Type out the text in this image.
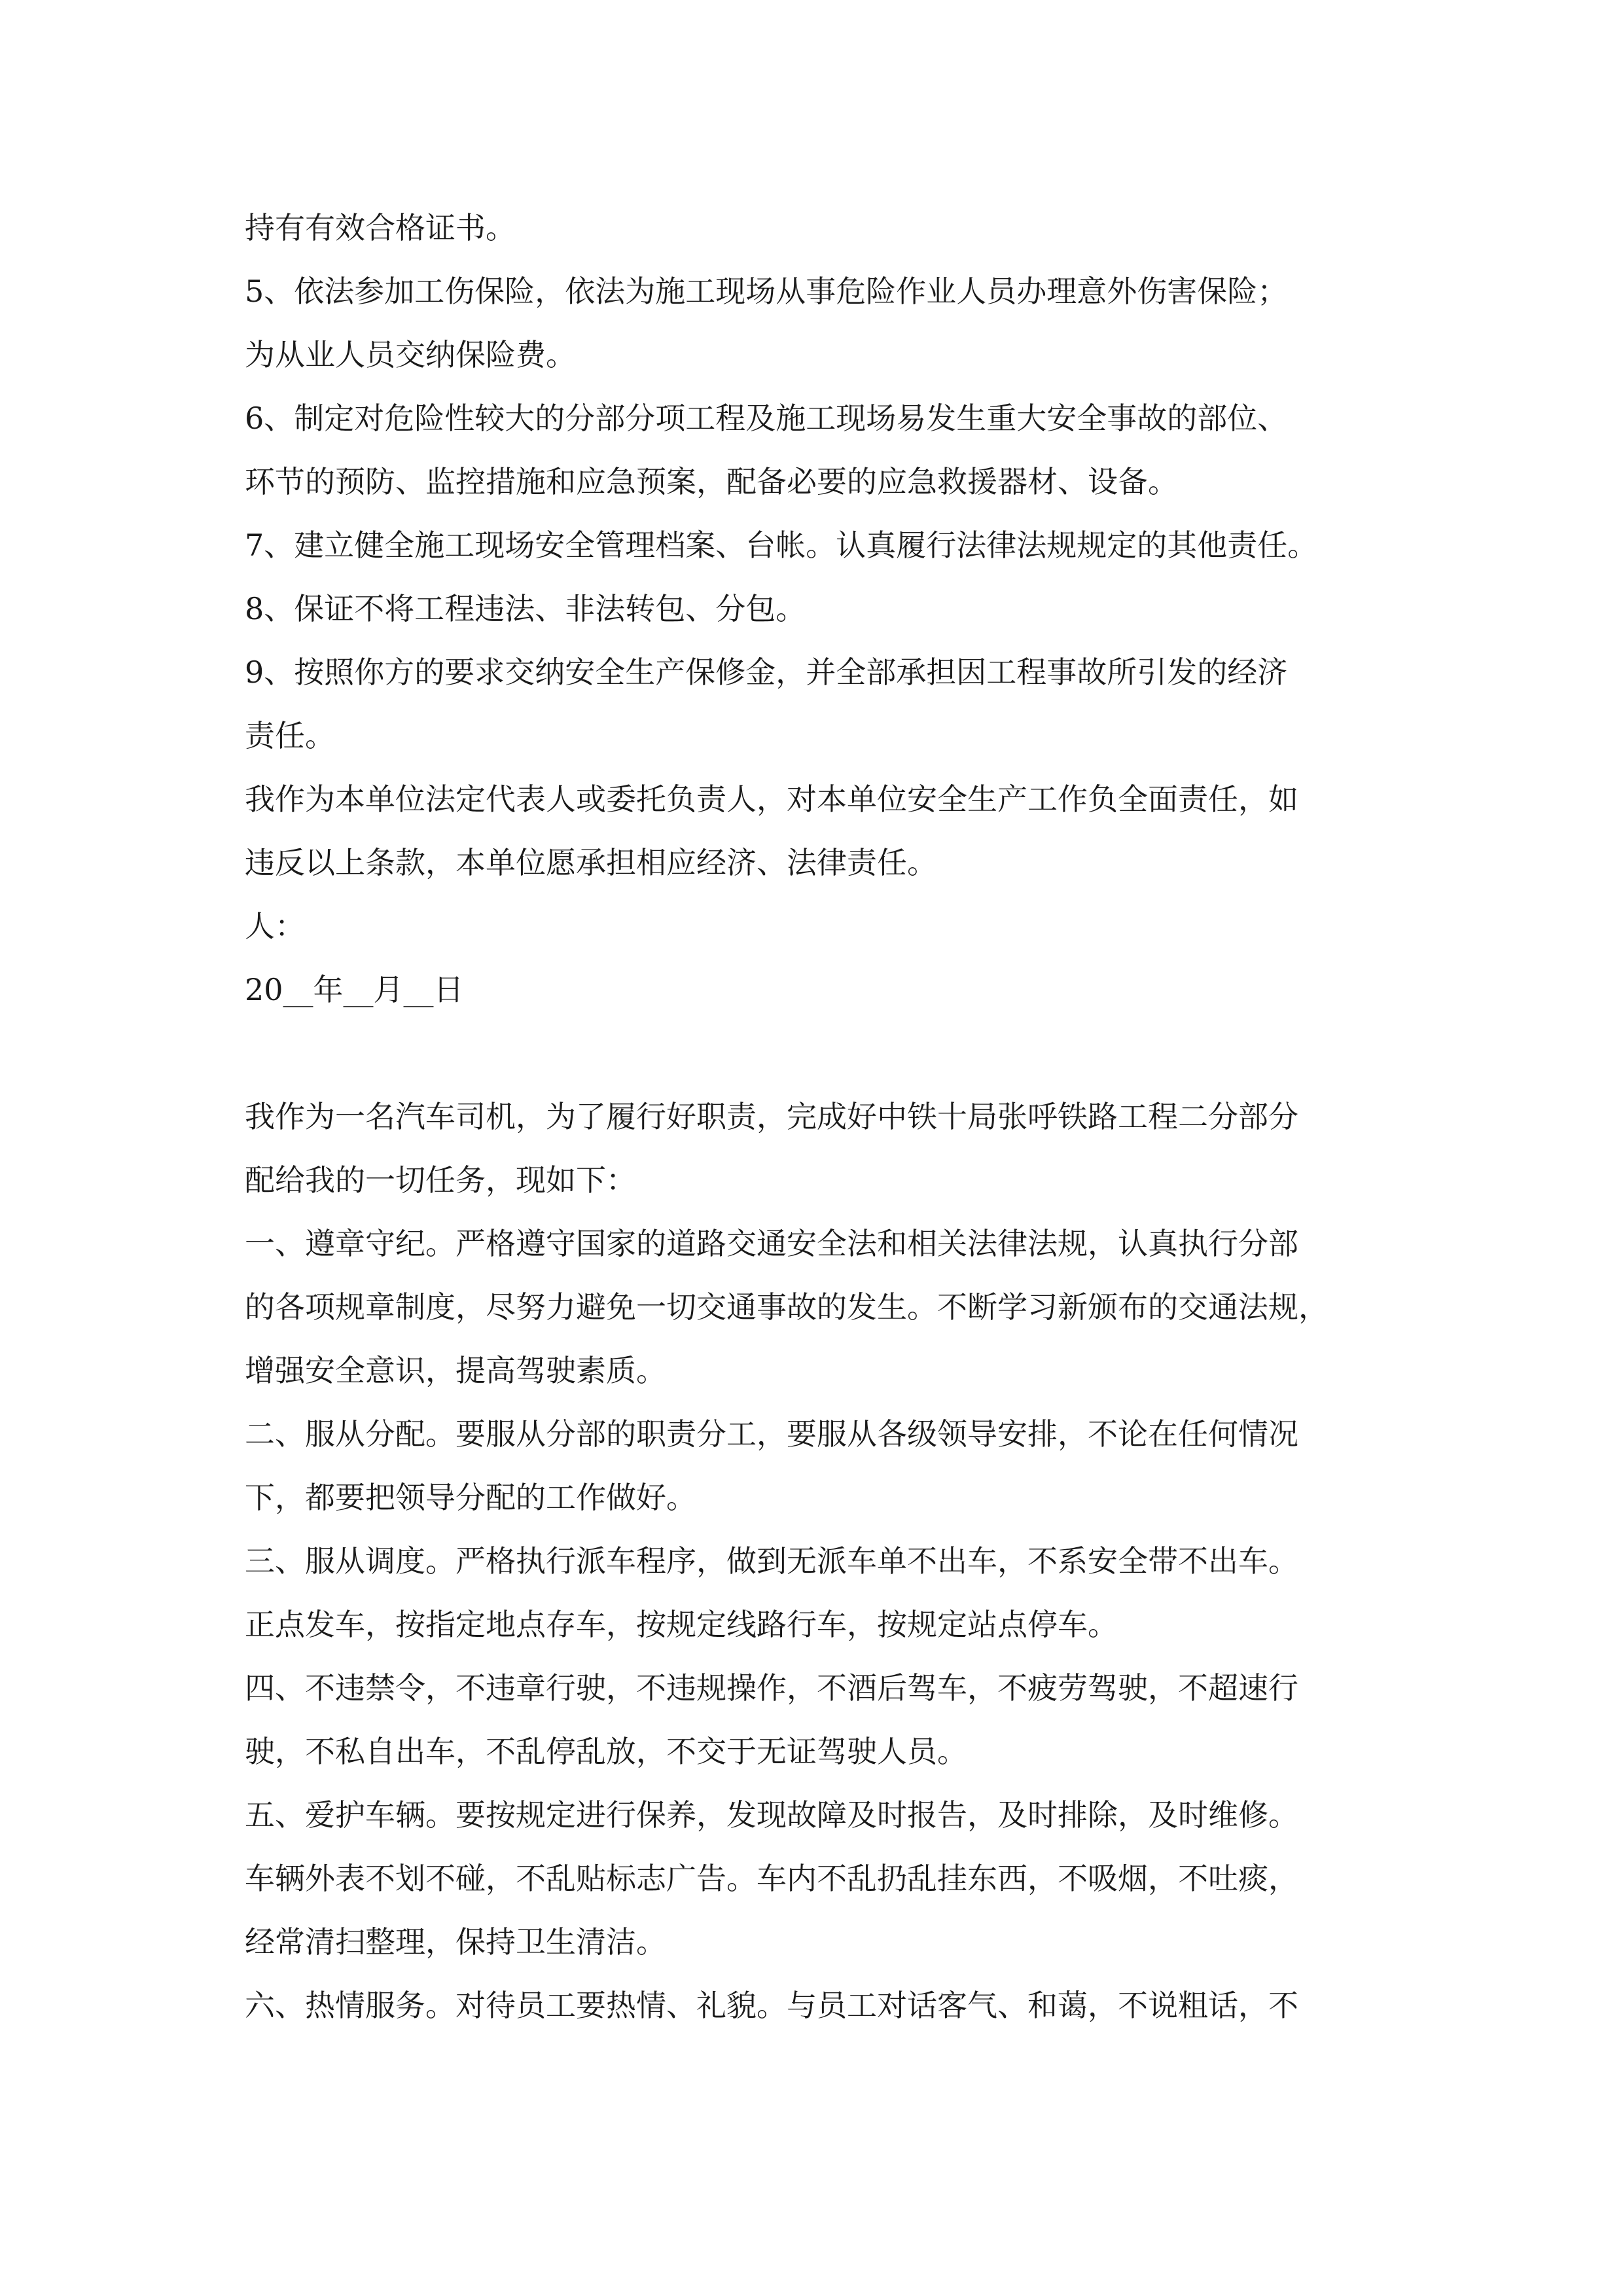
持有有效合格证书。
5、依法参加工伤保险，依法为施工现场从事危险作业人员办理意外伤害保险；
为从业人员交纳保险费。
6、制定对危险性较大的分部分项工程及施工现场易发生重大安全事故的部位、
环节的预防、监控措施和应急预案，配备必要的应急救援器材、设备。
7、建立健全施工现场安全管理档案、台帐。认真履行法律法规规定的其他责任。
8、保证不将工程违法、非法转包、分包。
9、按照你方的要求交纳安全生产保修金，并全部承担因工程事故所引发的经济
责任。
我作为本单位法定代表人或委托负责人，对本单位安全生产工作负全面责任，如
违反以上条款，本单位愿承担相应经济、法律责任。
人：
20__年__月__日
我作为一名汽车司机，为了履行好职责，完成好中铁十局张呼铁路工程二分部分
配给我的一切任务，现如下：
一、遵章守纪。严格遵守国家的道路交通安全法和相关法律法规，认真执行分部
的各项规章制度，尽努力避免一切交通事故的发生。不断学习新颁布的交通法规，
增强安全意识，提高驾驶素质。
二、服从分配。要服从分部的职责分工，要服从各级领导安排，不论在任何情况
下，都要把领导分配的工作做好。
三、服从调度。严格执行派车程序，做到无派车单不出车，不系安全带不出车。
正点发车，按指定地点存车，按规定线路行车，按规定站点停车。
四、不违禁令，不违章行驶，不违规操作，不酒后驾车，不疲劳驾驶，不超速行
驶，不私自出车，不乱停乱放，不交于无证驾驶人员。
五、爱护车辆。要按规定进行保养，发现故障及时报告，及时排除，及时维修。
车辆外表不划不碰，不乱贴标志广告。车内不乱扔乱挂东西，不吸烟，不吐痰，
经常清扫整理，保持卫生清洁。
六、热情服务。对待员工要热情、礼貌。与员工对话客气、和蔼，不说粗话，不
